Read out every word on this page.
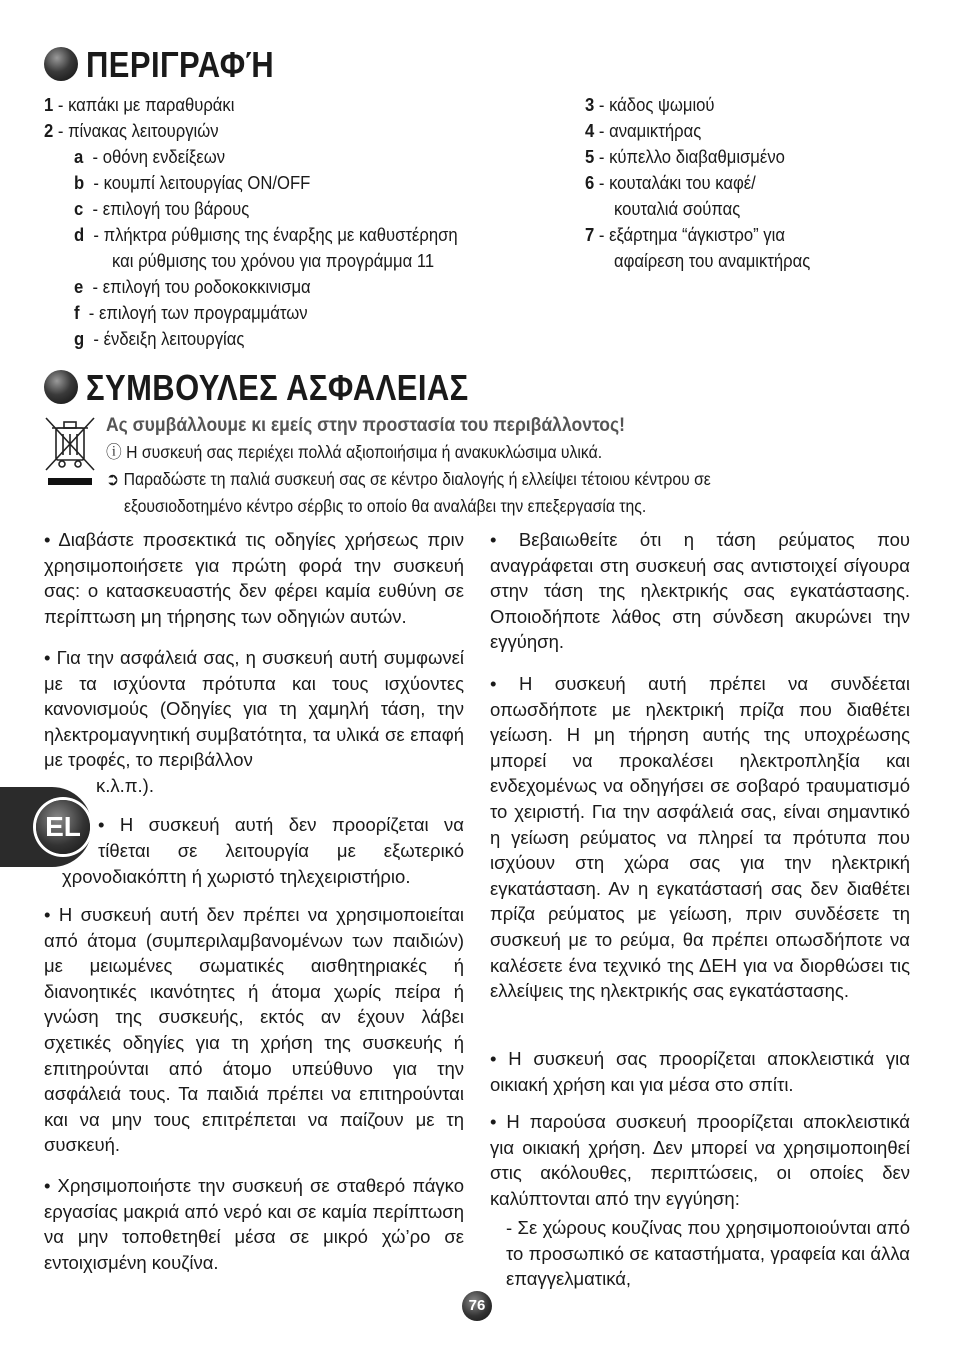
ΠΕΡΙΓΡΑΦΉ
1 - καπάκι με παραθυράκι
2 - πίνακας λειτουργιών
a - οθόνη ενδείξεων
b - κουμπί λειτουργίας ON/OFF
c - επιλογή του βάρους
d - πλήκτρα ρύθμισης της έναρξης με καθυστέρηση
και ρύθμισης του χρόνου για προγράμμα 11
e - επιλογή του ροδοκοκκινισμα
f - επιλογή των προγραμμάτων
g - ένδειξη λειτουργίας
3 - κάδος ψωμιού
4 - αναμικτήρας
5 - κύπελλο διαβαθμισμένο
6 - κουταλάκι του καφέ/
κουταλιά σούπας
7 - εξάρτημα “άγκιστρο” για
αφαίρεση του αναμικτήρας
ΣΥΜΒΟΥΛΕΣ ΑΣΦΑΛΕΙΑΣ
Ας συμβάλλουμε κι εμείς στην προστασία του περιβάλλοντος!
ⓘ Η συσκευή σας περιέχει πολλά αξιοποιήσιμα ή ανακυκλώσιμα υλικά.
➲ Παραδώστε τη παλιά συσκευή σας σε κέντρο διαλογής ή ελλείψει τέτοιου κέντρου σε
εξουσιοδοτημένο κέντρο σέρβις το οποίο θα αναλάβει την επεξεργασία της.
• Διαβάστε προσεκτικά τις οδηγίες χρήσεως πριν χρησιμοποιήσετε για πρώτη φορά την συσκευή σας: ο κατασκευαστής δεν φέρει καμία ευθύνη σε περίπτωση μη τήρησης των οδηγιών αυτών.
• Για την ασφάλειά σας, η συσκευή αυτή συμφωνεί με τα ισχύοντα πρότυπα και τους ισχύοντες κανονισμούς (Οδηγίες για τη χαμηλή τάση, την ηλεκτρομαγνητική συμβατότητα, τα υλικά σε επαφή με τροφές, το περιβάλλον
κ.λ.π.).
• Η συσκευή αυτή δεν προορίζεται να
τίθεται σε λειτουργία με εξωτερικό
χρονοδιακόπτη ή χωριστό τηλεχειριστήριο.
• Η συσκευή αυτή δεν πρέπει να χρησιμοποιείται από άτομα (συμπεριλαμβανομένων των παιδιών) με μειωμένες σωματικές αισθητηριακές ή διανοητικές ικανότητες ή άτομα χωρίς πείρα ή γνώση της συσκευής, εκτός αν έχουν λάβει σχετικές οδηγίες για τη χρήση της συσκευής ή επιτηρούνται από άτομο υπεύθυνο για την ασφάλειά τους. Τα παιδιά πρέπει να επιτηρούνται και να μην τους επιτρέπεται να παίζουν με τη συσκευή.
• Χρησιμοποιήστε την συσκευή σε σταθερό πάγκο εργασίας μακριά από νερό και σε καμία περίπτωση να μην τοποθετηθεί μέσα σε μικρό χώ’ρο σε εντοιχισμένη κουζίνα.
EL
• Βεβαιωθείτε ότι η τάση ρεύματος που αναγράφεται στη συσκευή σας αντιστοιχεί σίγουρα στην τάση της ηλεκτρικής σας εγκατάστασης. Οποιοδήποτε λάθος στη σύνδεση ακυρώνει την εγγύηση.
• Η συσκευή αυτή πρέπει να συνδέεται οπωσδήποτε με ηλεκτρική πρίζα που διαθέτει γείωση. Η μη τήρηση αυτής της υποχρέωσης μπορεί να προκαλέσει ηλεκτροπληξία και ενδεχομένως να οδηγήσει σε σοβαρό τραυματισμό το χειριστή. Για την ασφάλειά σας, είναι σημαντικό η γείωση ρεύματος να πληρεί τα πρότυπα που ισχύουν στη χώρα σας για την ηλεκτρική εγκατάσταση. Αν η εγκατάστασή σας δεν διαθέτει πρίζα ρεύματος με γείωση, πριν συνδέσετε τη συσκευή με το ρεύμα, θα πρέπει οπωσδήποτε να καλέσετε ένα τεχνικό της ΔΕΗ για να διορθώσει τις ελλείψεις της ηλεκτρικής σας εγκατάστασης.
• Η συσκευή σας προορίζεται αποκλειστικά για οικιακή χρήση και για μέσα στο σπίτι.
• Η παρούσα συσκευή προορίζεται αποκλειστικά για οικιακή χρήση. Δεν μπορεί να χρησιμοποιηθεί στις ακόλουθες, περιπτώσεις, οι οποίες δεν καλύπτονται από την εγγύηση:
- Σε χώρους κουζίνας που χρησιμοποιούνται από το προσωπικό σε καταστήματα, γραφεία και άλλα επαγγελματικά,
76
